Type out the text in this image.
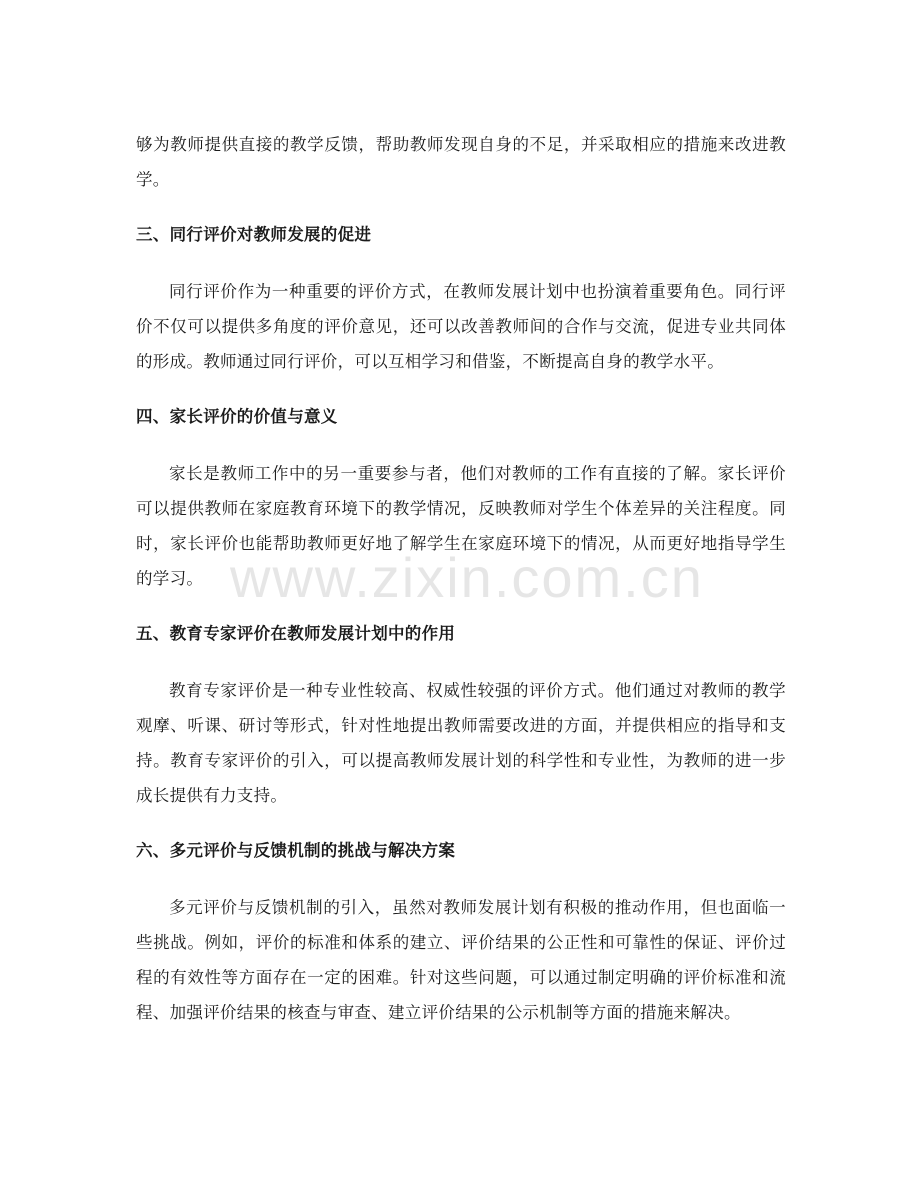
够为教师提供直接的教学反馈，帮助教师发现自身的不足，并采取相应的措施来改进教学。

三、同行评价对教师发展的促进

同行评价作为一种重要的评价方式，在教师发展计划中也扮演着重要角色。同行评价不仅可以提供多角度的评价意见，还可以改善教师间的合作与交流，促进专业共同体的形成。教师通过同行评价，可以互相学习和借鉴，不断提高自身的教学水平。

四、家长评价的价值与意义

家长是教师工作中的另一重要参与者，他们对教师的工作有直接的了解。家长评价可以提供教师在家庭教育环境下的教学情况，反映教师对学生个体差异的关注程度。同时，家长评价也能帮助教师更好地了解学生在家庭环境下的情况，从而更好地指导学生的学习。

五、教育专家评价在教师发展计划中的作用

教育专家评价是一种专业性较高、权威性较强的评价方式。他们通过对教师的教学观摩、听课、研讨等形式，针对性地提出教师需要改进的方面，并提供相应的指导和支持。教育专家评价的引入，可以提高教师发展计划的科学性和专业性，为教师的进一步成长提供有力支持。

六、多元评价与反馈机制的挑战与解决方案

多元评价与反馈机制的引入，虽然对教师发展计划有积极的推动作用，但也面临一些挑战。例如，评价的标准和体系的建立、评价结果的公正性和可靠性的保证、评价过程的有效性等方面存在一定的困难。针对这些问题，可以通过制定明确的评价标准和流程、加强评价结果的核查与审查、建立评价结果的公示机制等方面的措施来解决。

www.zixin.com.cn
